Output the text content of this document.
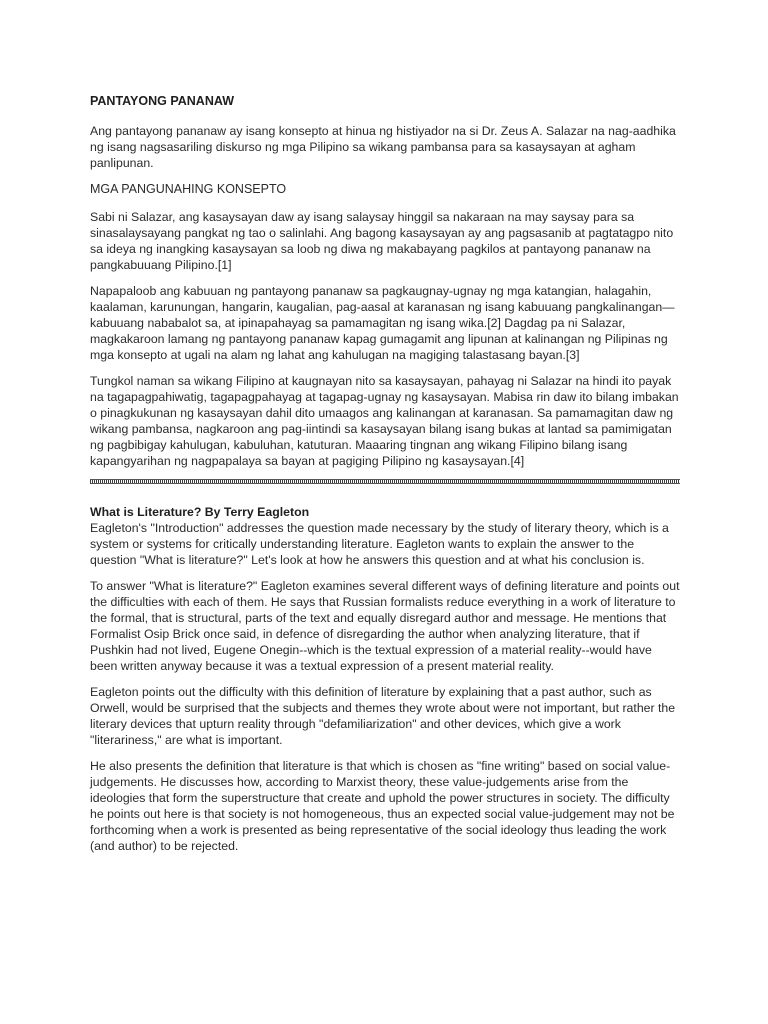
PANTAYONG PANANAW

Ang pantayong pananaw ay isang konsepto at hinua ng histiyador na si Dr. Zeus A. Salazar na nag-aadhika ng isang nagsasariling diskurso ng mga Pilipino sa wikang pambansa para sa kasaysayan at agham panlipunan.

MGA PANGUNAHING KONSEPTO

Sabi ni Salazar, ang kasaysayan daw ay isang salaysay hinggil sa nakaraan na may saysay para sa sinasalaysayang pangkat ng tao o salinlahi. Ang bagong kasaysayan ay ang pagsasanib at pagtatagpo nito sa ideya ng inangking kasaysayan sa loob ng diwa ng makabayang pagkilos at pantayong pananaw na pangkabuuang Pilipino.[1]

Napapaloob ang kabuuan ng pantayong pananaw sa pagkaugnay-ugnay ng mga katangian, halagahin, kaalaman, karunungan, hangarin, kaugalian, pag-aasal at karanasan ng isang kabuuang pangkalinangan—kabuuang nababalot sa, at ipinapahayag sa pamamagitan ng isang wika.[2] Dagdag pa ni Salazar, magkakaroon lamang ng pantayong pananaw kapag gumagamit ang lipunan at kalinangan ng Pilipinas ng mga konsepto at ugali na alam ng lahat ang kahulugan na magiging talastasang bayan.[3]

Tungkol naman sa wikang Filipino at kaugnayan nito sa kasaysayan, pahayag ni Salazar na hindi ito payak na tagapagpahiwatig, tagapagpahayag at tagapag-ugnay ng kasaysayan. Mabisa rin daw ito bilang imbakan o pinagkukunan ng kasaysayan dahil dito umaagos ang kalinangan at karanasan. Sa pamamagitan daw ng wikang pambansa, nagkaroon ang pag-iintindi sa kasaysayan bilang isang bukas at lantad sa pamimigatan ng pagbibigay kahulugan, kabuluhan, katuturan. Maaaring tingnan ang wikang Filipino bilang isang kapangyarihan ng nagpapalaya sa bayan at pagiging Pilipino ng kasaysayan.[4]

What is Literature? By Terry Eagleton

Eagleton's "Introduction" addresses the question made necessary by the study of literary theory, which is a system or systems for critically understanding literature. Eagleton wants to explain the answer to the question "What is literature?" Let's look at how he answers this question and at what his conclusion is.

To answer "What is literature?" Eagleton examines several different ways of defining literature and points out the difficulties with each of them. He says that Russian formalists reduce everything in a work of literature to the formal, that is structural, parts of the text and equally disregard author and message. He mentions that Formalist Osip Brick once said, in defence of disregarding the author when analyzing literature, that if Pushkin had not lived, Eugene Onegin--which is the textual expression of a material reality--would have been written anyway because it was a textual expression of a present material reality.

Eagleton points out the difficulty with this definition of literature by explaining that a past author, such as Orwell, would be surprised that the subjects and themes they wrote about were not important, but rather the literary devices that upturn reality through "defamiliarization" and other devices, which give a work "literariness," are what is important.

He also presents the definition that literature is that which is chosen as "fine writing" based on social value-judgements. He discusses how, according to Marxist theory, these value-judgements arise from the ideologies that form the superstructure that create and uphold the power structures in society. The difficulty he points out here is that society is not homogeneous, thus an expected social value-judgement may not be forthcoming when a work is presented as being representative of the social ideology thus leading the work (and author) to be rejected.
